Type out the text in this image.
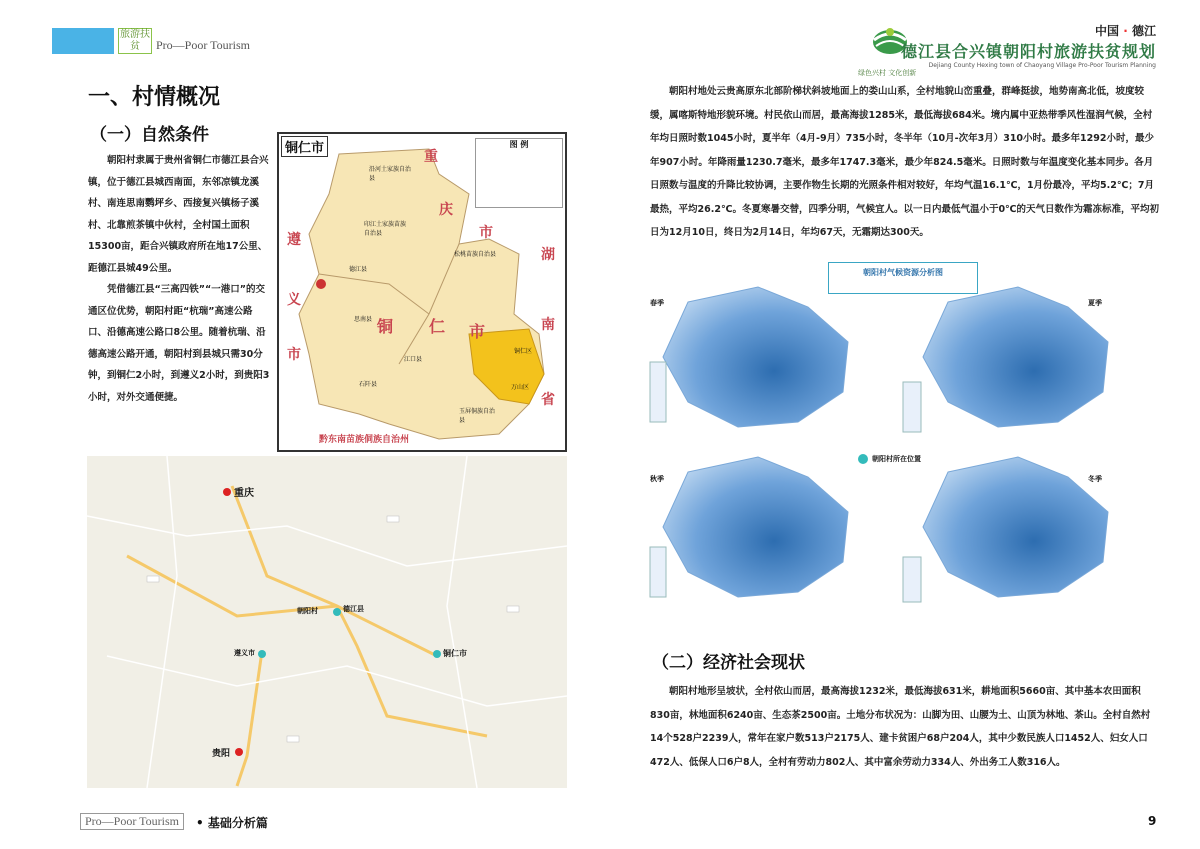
旅游扶贫	Pro—Poor Tourism
绿色兴村 文化创新
中国 · 德江
德江县合兴镇朝阳村旅游扶贫规划
Dejiang County Hexing town of Chaoyang Village Pro-Poor Tourism Planning
一、村情概况
（一）自然条件

朝阳村隶属于贵州省铜仁市德江县合兴镇，位于德江县城西南面，东邻凉镇龙溪村、南连思南鹦坪乡、西接复兴镇杨子溪村、北靠煎茶镇中伙村，全村国土面积15300亩，距合兴镇政府所在地17公里、距德江县城49公里。

凭借德江县“三高四铁”“一港口”的交通区位优势，朝阳村距“杭瑞”高速公路口、沿德高速公路口8公里。随着杭瑞、沿德高速公路开通，朝阳村到县城只需30分钟，到铜仁2小时，到遵义2小时，到贵阳3小时，对外交通便捷。

铜仁市	图 例
重
庆
市
湖
南
省
遵
义
市
铜 仁 市
印江土家族苗族自治县
沿河土家族自治县
思南县
德江县
石阡县
江口县
松桃苗族自治县
铜仁区
玉屏侗族自治县
万山区
黔东南苗族侗族自治州
重庆
朝阳村	德江县
遵义市	铜仁市
贵阳
朝阳村地处云贵高原东北部阶梯状斜坡地面上的娄山山系，全村地貌山峦重叠，群峰挺拔，地势南高北低，坡度较缓，属喀斯特地形貌环境。村民依山而居，最高海拔1285米，最低海拔684米。境内属中亚热带季风性湿润气候，全村年均日照时数1045小时，夏半年（4月-9月）735小时，冬半年（10月-次年3月）310小时。最多年1292小时，最少年907小时。年降雨量1230.7毫米，最多年1747.3毫米，最少年824.5毫米。日照时数与年温度变化基本同步。各月日照数与温度的升降比较协调，主要作物生长期的光照条件相对较好，年均气温16.1℃，1月份最冷，平均5.2℃；7月最热，平均26.2℃。冬夏寒暑交替，四季分明，气候宜人。以一日内最低气温小于0℃的天气日数作为霜冻标准，平均初日为12月10日，终日为2月14日，年均67天，无霜期达300天。
朝阳村气候资源分析图
春季	夏季
秋季	冬季
朝阳村所在位置
（二）经济社会现状
朝阳村地形呈坡状，全村依山而居，最高海拔1232米，最低海拔631米，耕地面积5660亩、其中基本农田面积830亩，林地面积6240亩、生态茶2500亩。土地分布状况为：山脚为田、山腰为土、山顶为林地、茶山。全村自然村14个528户2239人，常年在家户数513户2175人、建卡贫困户68户204人，其中少数民族人口1452人、妇女人口472人、低保人口6户8人，全村有劳动力802人、其中富余劳动力334人、外出务工人数316人。
Pro—Poor Tourism	• 基础分析篇	9
